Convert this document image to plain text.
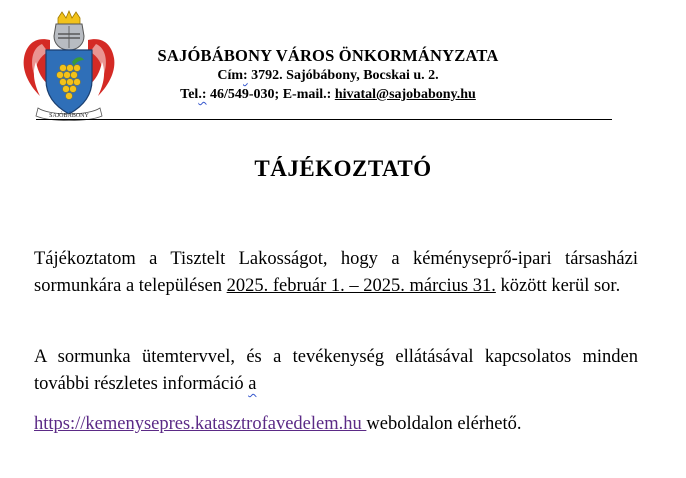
SAJÓBÁBONY
SAJÓBÁBONY VÁROS ÖNKORMÁNYZATA
Cím: 3792. Sajóbábony, Bocskai u. 2.
Tel.: 46/549-030; E-mail.: hivatal@sajobabony.hu
TÁJÉKOZTATÓ
Tájékoztatom a Tisztelt Lakosságot, hogy a kéményseprő-ipari társasházi sormunkára a településen 2025. február 1. – 2025. március 31. között kerül sor.
A sormunka ütemtervvel, és a tevékenység ellátásával kapcsolatos minden további részletes információ a
https://kemenysepres.katasztrofavedelem.hu weboldalon elérhető.
